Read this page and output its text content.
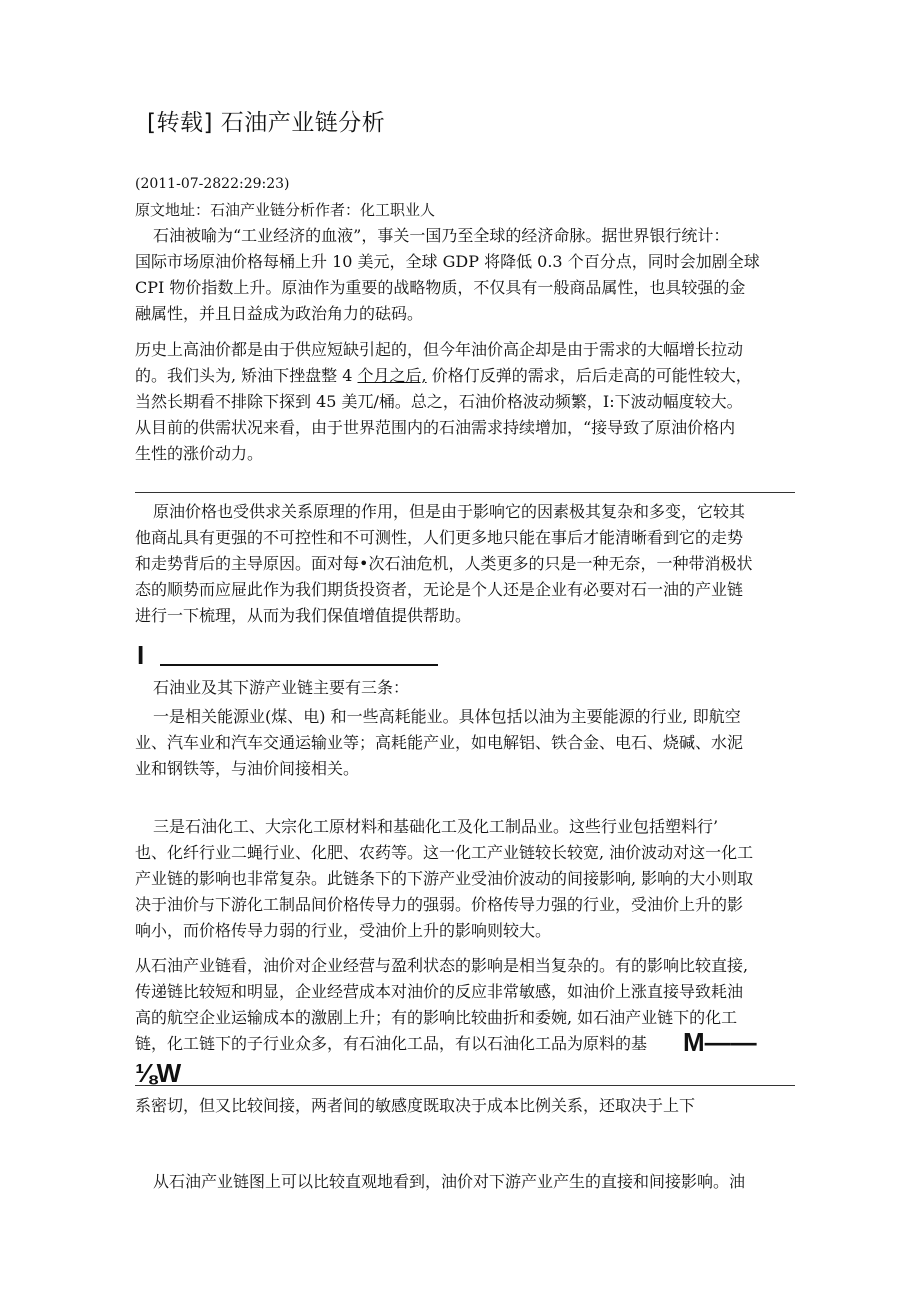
[转载] 石油产业链分析
(2011-07-2822:29:23)
原文地址：石油产业链分析作者：化工职业人
石油被喻为“工业经济的血液”，事关一国乃至全球的经济命脉。据世界银行统计：
国际市场原油价格每桶上升 10 美元，全球 GDP 将降低 0.3 个百分点，同时会加剧全球
CPI 物价指数上升。原油作为重要的战略物质，不仅具有一般商品属性，也具较强的金
融属性，并且日益成为政治角力的砝码。
历史上高油价都是由于供应短缺引起的，但今年油价高企却是由于需求的大幅增长拉动
的。我们头为, 矫油下挫盘整 4 个月之后, 价格仃反弹的需求，后后走高的可能性较大，
当然长期看不排除下探到 45 美兀/桶。总之，石油价格波动频繁，I:下波动幅度较大。
从目前的供需状况来看，由于世界范围内的石油需求持续增加，“接导致了原油价格内
生性的涨价动力。
原油价格也受供求关系原理的作用，但是由于影响它的因素极其复杂和多变，它较其
他商乩具有更强的不可控性和不可测性，人们更多地只能在事后才能清晰看到它的走势
和走势背后的主导原因。面对每•次石油危机，人类更多的只是一种无奈，一种带消极状
态的顺势而应屉此作为我们期货投资者，无论是个人还是企业有必要对石一油的产业链
进行一下梳理，从而为我们保值增值提供帮助。
I
石油业及其下游产业链主要有三条：
一是相关能源业(煤、电) 和一些高耗能业。具体包括以油为主要能源的行业, 即航空
业、汽车业和汽车交通运输业等；高耗能产业，如电解铝、铁合金、电石、烧碱、水泥
业和钢铁等，与油价间接相关。
三是石油化工、大宗化工原材料和基础化工及化工制品业。这些行业包括塑料行’
也、化纤行业二蝇行业、化肥、农药等。这一化工产业链较长较宽, 油价波动对这一化工
产业链的影响也非常复杂。此链条下的下游产业受油价波动的间接影响, 影响的大小则取
决于油价与下游化工制品间价格传导力的强弱。价格传导力强的行业，受油价上升的影
响小，而价格传导力弱的行业，受油价上升的影响则较大。
从石油产业链看，油价对企业经营与盈利状态的影响是相当复杂的。有的影响比较直接,
传递链比较短和明显，企业经营成本对油价的反应非常敏感，如油价上涨直接导致耗油
高的航空企业运输成本的激剧上升；有的影响比较曲折和委婉, 如石油产业链下的化工
链，化工链下的子行业众多，有石油化工品，有以石油化工品为原料的基 M——
⅛W
系密切，但又比较间接，两者间的敏感度既取决于成本比例关系，还取决于上下
从石油产业链图上可以比较直观地看到，油价对下游产业产生的直接和间接影响。油
